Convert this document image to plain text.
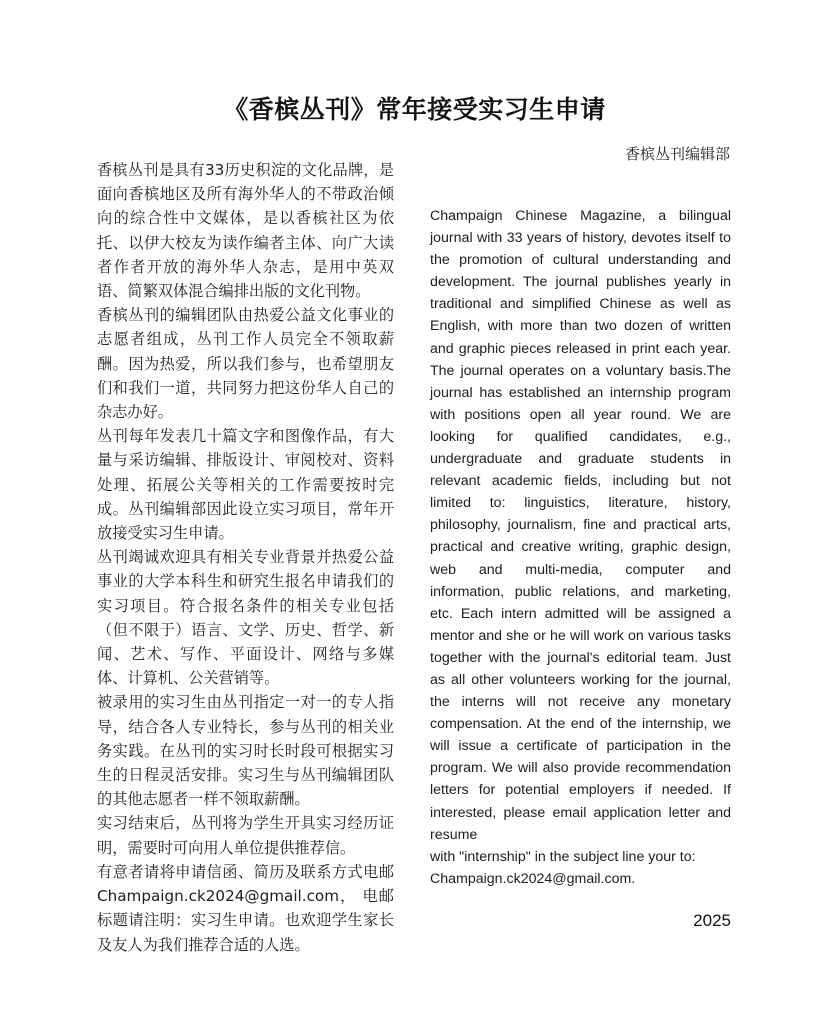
《香槟丛刊》常年接受实习生申请
香槟丛刊编辑部

香槟丛刊是具有33历史积淀的文化品牌，是面向香槟地区及所有海外华人的不带政治倾向的综合性中文媒体，是以香槟社区为依托、以伊大校友为读作编者主体、向广大读者作者开放的海外华人杂志，是用中英双语、简繁双体混合编排出版的文化刊物。

香槟丛刊的编辑团队由热爱公益文化事业的志愿者组成，丛刊工作人员完全不领取薪酬。因为热爱，所以我们参与，也希望朋友们和我们一道，共同努力把这份华人自己的杂志办好。

丛刊每年发表几十篇文字和图像作品，有大量与采访编辑、排版设计、审阅校对、资料处理、拓展公关等相关的工作需要按时完成。丛刊编辑部因此设立实习项目，常年开放接受实习生申请。

丛刊竭诚欢迎具有相关专业背景并热爱公益事业的大学本科生和研究生报名申请我们的实习项目。符合报名条件的相关专业包括（但不限于）语言、文学、历史、哲学、新闻、艺术、写作、平面设计、网络与多媒体、计算机、公关营销等。

被录用的实习生由丛刊指定一对一的专人指导，结合各人专业特长，参与丛刊的相关业务实践。在丛刊的实习时长时段可根据实习生的日程灵活安排。实习生与丛刊编辑团队的其他志愿者一样不领取薪酬。

实习结束后，丛刊将为学生开具实习经历证明，需要时可向用人单位提供推荐信。

有意者请将申请信函、简历及联系方式电邮 Champaign.ck2024@gmail.com， 电邮标题请注明：实习生申请。也欢迎学生家长及友人为我们推荐合适的人选。

Champaign Chinese Magazine, a bilingual journal with 33 years of history, devotes itself to the promotion of cultural understanding and development. The journal publishes yearly in traditional and simplified Chinese as well as English, with more than two dozen of written and graphic pieces released in print each year. The journal operates on a voluntary basis.The journal has established an internship program with positions open all year round. We are looking for qualified candidates, e.g., undergraduate and graduate students in relevant academic fields, including but not limited to: linguistics, literature, history, philosophy, journalism, fine and practical arts, practical and creative writing, graphic design, web and multi-media, computer and information, public relations, and marketing, etc. Each intern admitted will be assigned a mentor and she or he will work on various tasks together with the journal's editorial team. Just as all other volunteers working for the journal, the interns will not receive any monetary compensation. At the end of the internship, we will issue a certificate of participation in the program. We will also provide recommendation letters for potential employers if needed. If interested, please email application letter and resume

with "internship" in the subject line your to: Champaign.ck2024@gmail.com.

2025
